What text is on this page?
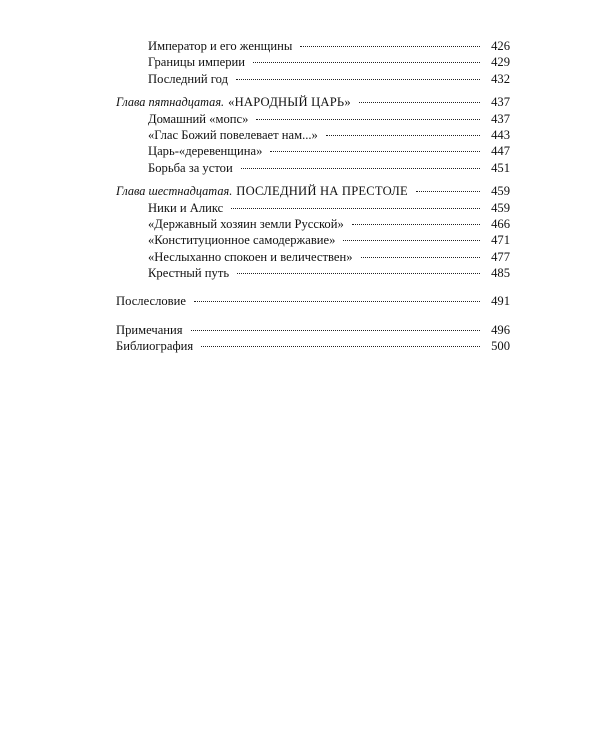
Император и его женщины	426
Границы империи	429
Последний год	432
Глава пятнадцатая. «НАРОДНЫЙ ЦАРЬ»	437
Домашний «мопс»	437
«Глас Божий повелевает нам...»	443
Царь-«деревенщина»	447
Борьба за устои	451
Глава шестнадцатая. ПОСЛЕДНИЙ НА ПРЕСТОЛЕ	459
Ники и Аликс	459
«Державный хозяин земли Русской»	466
«Конституционное самодержавие»	471
«Неслыханно спокоен и величествен»	477
Крестный путь	485
Послесловие	491
Примечания	496
Библиография	500
